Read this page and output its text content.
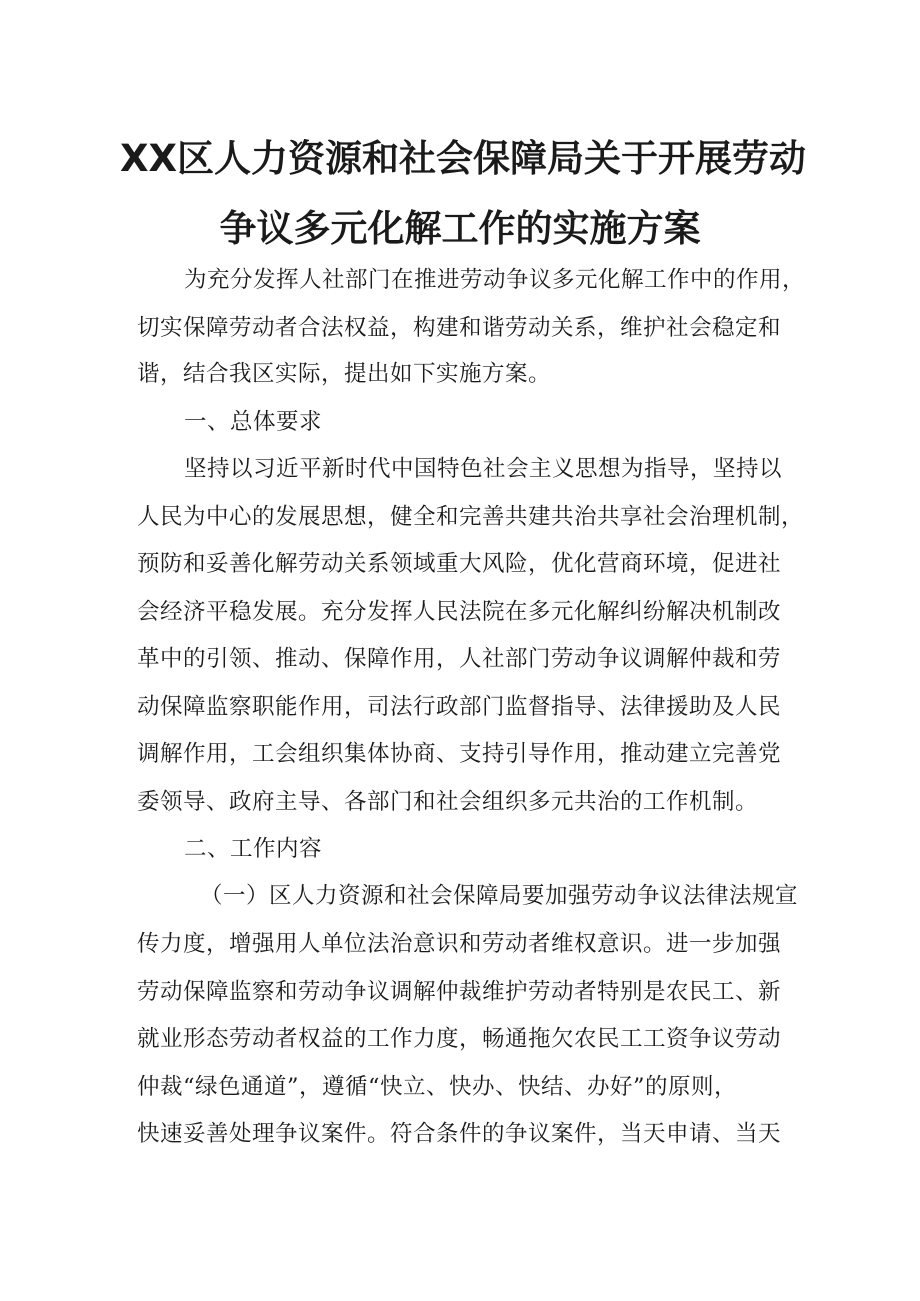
XX区人力资源和社会保障局关于开展劳动
争议多元化解工作的实施方案
为充分发挥人社部门在推进劳动争议多元化解工作中的作用，
切实保障劳动者合法权益，构建和谐劳动关系，维护社会稳定和
谐，结合我区实际，提出如下实施方案。
一、总体要求
坚持以习近平新时代中国特色社会主义思想为指导，坚持以
人民为中心的发展思想，健全和完善共建共治共享社会治理机制，
预防和妥善化解劳动关系领域重大风险，优化营商环境，促进社
会经济平稳发展。充分发挥人民法院在多元化解纠纷解决机制改
革中的引领、推动、保障作用，人社部门劳动争议调解仲裁和劳
动保障监察职能作用，司法行政部门监督指导、法律援助及人民
调解作用，工会组织集体协商、支持引导作用，推动建立完善党
委领导、政府主导、各部门和社会组织多元共治的工作机制。
二、工作内容
（一）区人力资源和社会保障局要加强劳动争议法律法规宣
传力度，增强用人单位法治意识和劳动者维权意识。进一步加强
劳动保障监察和劳动争议调解仲裁维护劳动者特别是农民工、新
就业形态劳动者权益的工作力度，畅通拖欠农民工工资争议劳动
仲裁“绿色通道”，遵循“快立、快办、快结、办好”的原则，
快速妥善处理争议案件。符合条件的争议案件，当天申请、当天
